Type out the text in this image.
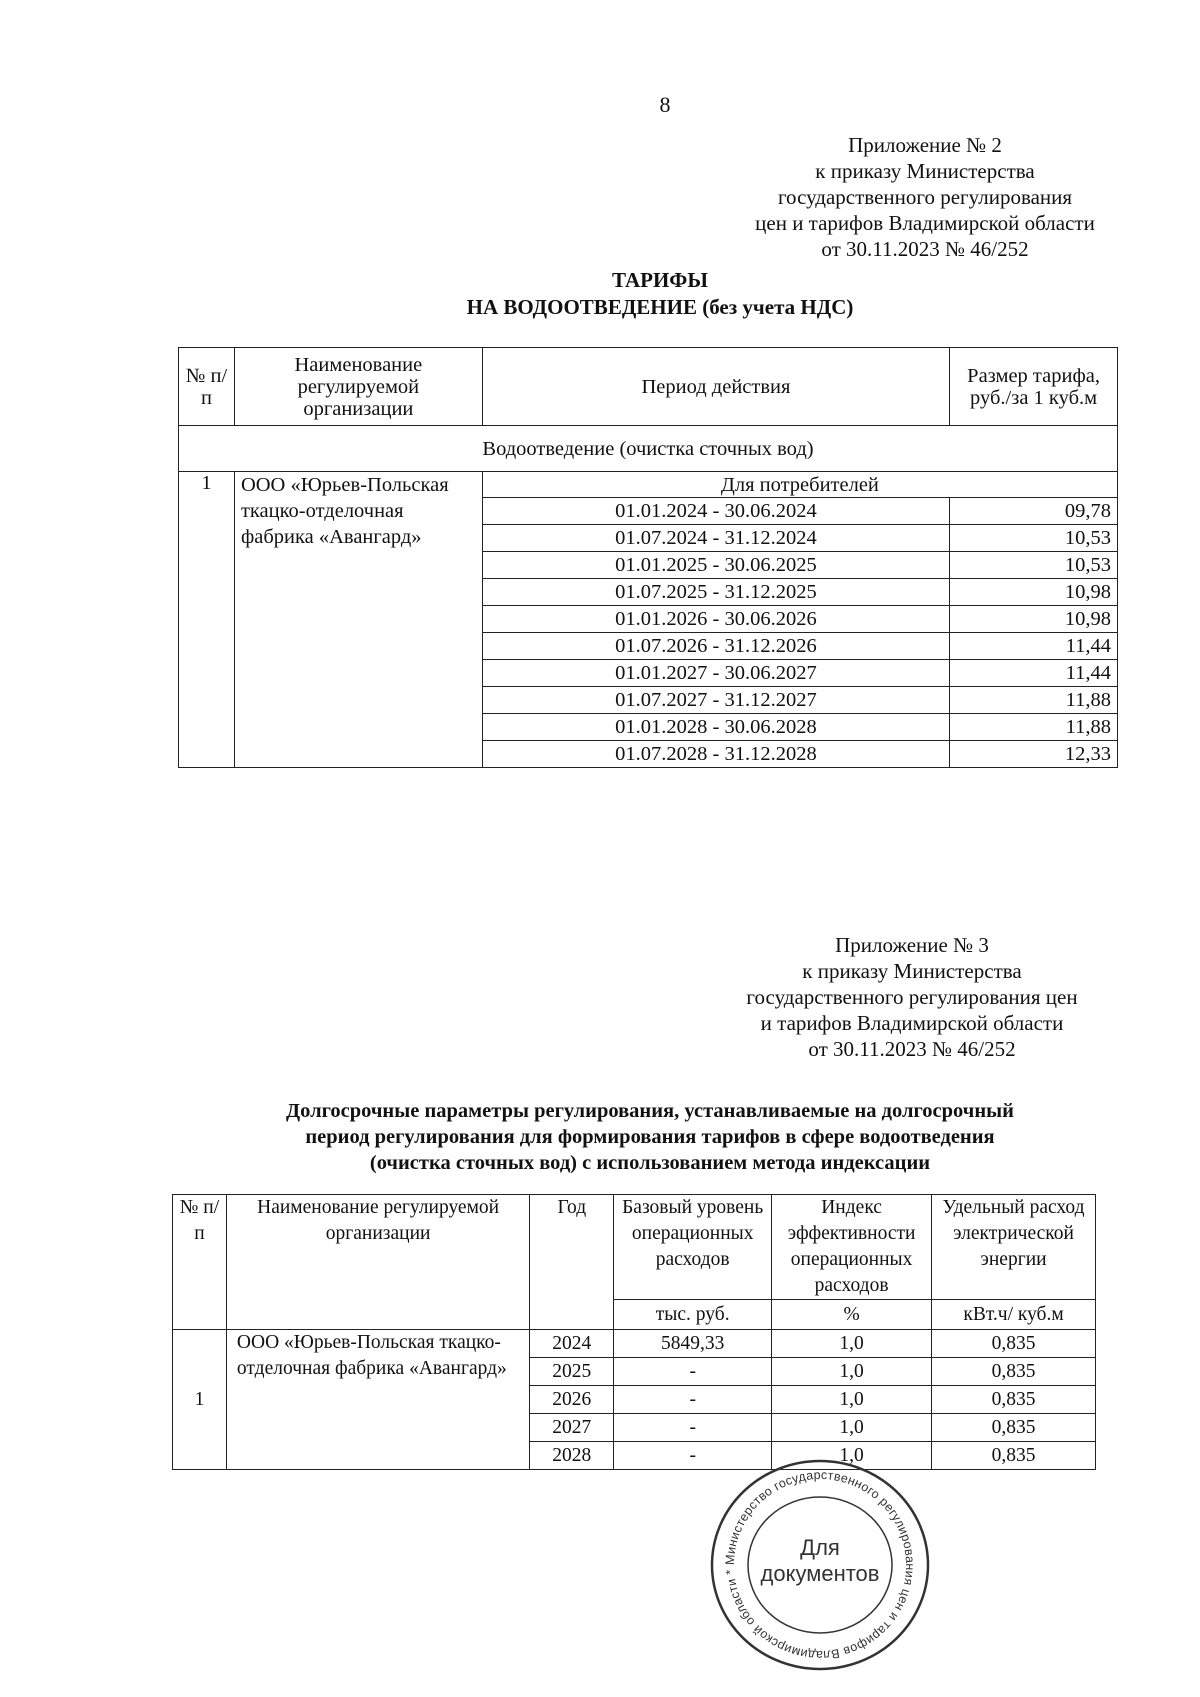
8
Приложение № 2
к приказу Министерства
государственного регулирования
цен и тарифов Владимирской области
от 30.11.2023 № 46/252
ТАРИФЫ
НА ВОДООТВЕДЕНИЕ (без учета НДС)
№ п/п	Наименование регулируемой организации	Период действия	Размер тарифа, руб./за 1 куб.м
Водоотведение (очистка сточных вод)			
1	ООО «Юрьев-Польская ткацко-отделочная фабрика «Авангард»	Для потребителей	
		01.01.2024 - 30.06.2024	09,78
		01.07.2024 - 31.12.2024	10,53
		01.01.2025 - 30.06.2025	10,53
		01.07.2025 - 31.12.2025	10,98
		01.01.2026 - 30.06.2026	10,98
		01.07.2026 - 31.12.2026	11,44
		01.01.2027 - 30.06.2027	11,44
		01.07.2027 - 31.12.2027	11,88
		01.01.2028 - 30.06.2028	11,88
		01.07.2028 - 31.12.2028	12,33
Приложение № 3
к приказу Министерства
государственного регулирования цен
и тарифов Владимирской области
от 30.11.2023 № 46/252
Долгосрочные параметры регулирования, устанавливаемые на долгосрочный
период регулирования для формирования тарифов в сфере водоотведения
(очистка сточных вод) с использованием метода индексации
№ п/п	Наименование регулируемой организации	Год	Базовый уровень операционных расходов	Индекс эффективности операционных расходов	Удельный расход электрической энергии
			тыс. руб.	%	кВт.ч/ куб.м
1	ООО «Юрьев-Польская ткацко-отделочная фабрика «Авангард»	2024	5849,33	1,0	0,835
		2025	-	1,0	0,835
		2026	-	1,0	0,835
		2027	-	1,0	0,835
		2028	-	1,0	0,835
Министерство государственного регулирования цен и тарифов Владимирской области *
Для
документов
